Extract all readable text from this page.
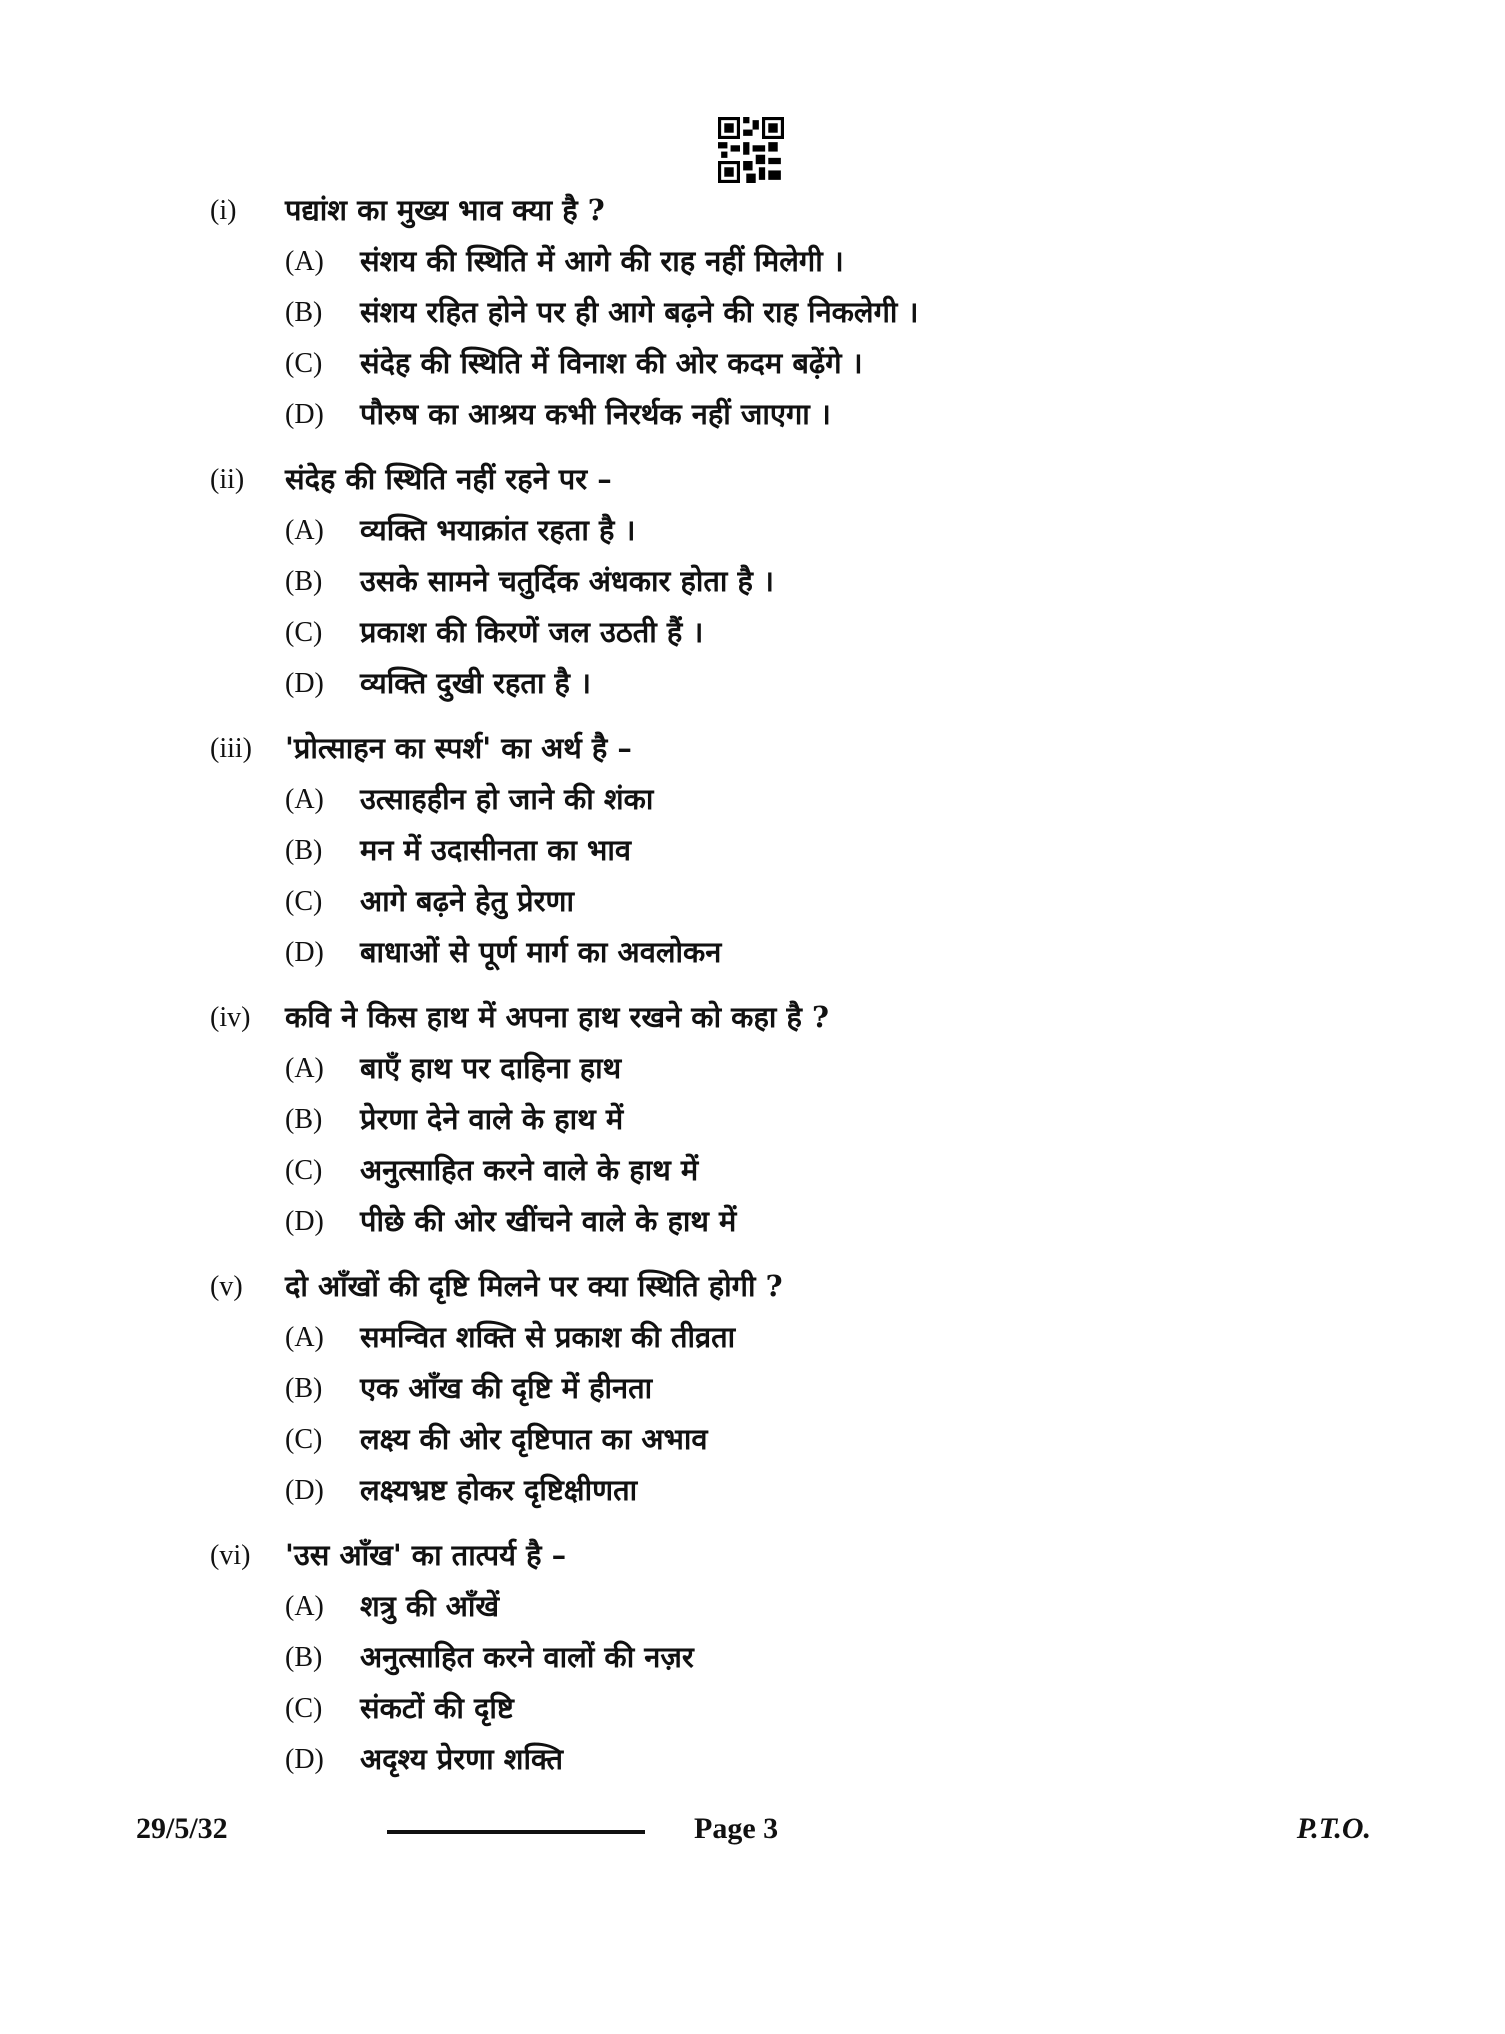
(i) पद्यांश का मुख्य भाव क्या है ?
(A) संशय की स्थिति में आगे की राह नहीं मिलेगी ।
(B) संशय रहित होने पर ही आगे बढ़ने की राह निकलेगी ।
(C) संदेह की स्थिति में विनाश की ओर कदम बढ़ेंगे ।
(D) पौरुष का आश्रय कभी निरर्थक नहीं जाएगा ।
(ii) संदेह की स्थिति नहीं रहने पर –
(A) व्यक्ति भयाक्रांत रहता है ।
(B) उसके सामने चतुर्दिक अंधकार होता है ।
(C) प्रकाश की किरणें जल उठती हैं ।
(D) व्यक्ति दुखी रहता है ।
(iii) 'प्रोत्साहन का स्पर्श' का अर्थ है –
(A) उत्साहहीन हो जाने की शंका
(B) मन में उदासीनता का भाव
(C) आगे बढ़ने हेतु प्रेरणा
(D) बाधाओं से पूर्ण मार्ग का अवलोकन
(iv) कवि ने किस हाथ में अपना हाथ रखने को कहा है ?
(A) बाएँ हाथ पर दाहिना हाथ
(B) प्रेरणा देने वाले के हाथ में
(C) अनुत्साहित करने वाले के हाथ में
(D) पीछे की ओर खींचने वाले के हाथ में
(v) दो आँखों की दृष्टि मिलने पर क्या स्थिति होगी ?
(A) समन्वित शक्ति से प्रकाश की तीव्रता
(B) एक आँख की दृष्टि में हीनता
(C) लक्ष्य की ओर दृष्टिपात का अभाव
(D) लक्ष्यभ्रष्ट होकर दृष्टिक्षीणता
(vi) 'उस आँख' का तात्पर्य है –
(A) शत्रु की आँखें
(B) अनुत्साहित करने वालों की नज़र
(C) संकटों की दृष्टि
(D) अदृश्य प्रेरणा शक्ति
29/5/32	Page 3	P.T.O.
